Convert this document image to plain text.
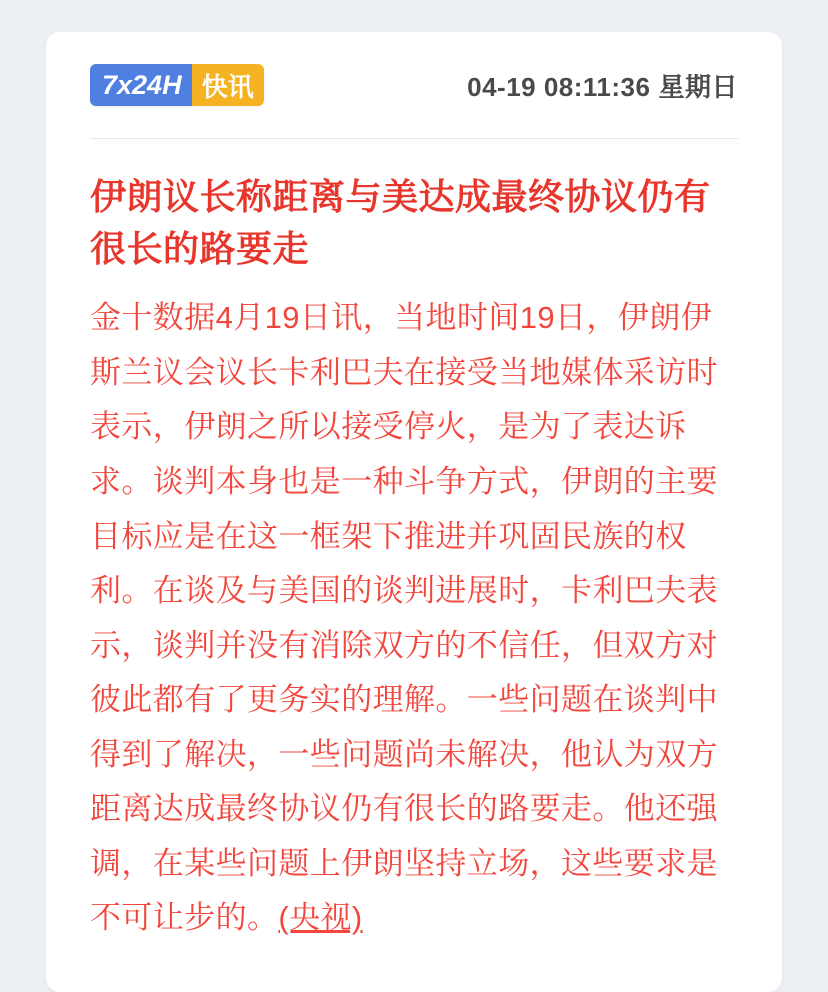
7x24H 快讯	04-19 08:11:36 星期日
伊朗议长称距离与美达成最终协议仍有很长的路要走
金十数据4月19日讯，当地时间19日，伊朗伊斯兰议会议长卡利巴夫在接受当地媒体采访时表示，伊朗之所以接受停火，是为了表达诉求。谈判本身也是一种斗争方式，伊朗的主要目标应是在这一框架下推进并巩固民族的权利。在谈及与美国的谈判进展时，卡利巴夫表示，谈判并没有消除双方的不信任，但双方对彼此都有了更务实的理解。一些问题在谈判中得到了解决，一些问题尚未解决，他认为双方距离达成最终协议仍有很长的路要走。他还强调，在某些问题上伊朗坚持立场，这些要求是不可让步的。(央视)
